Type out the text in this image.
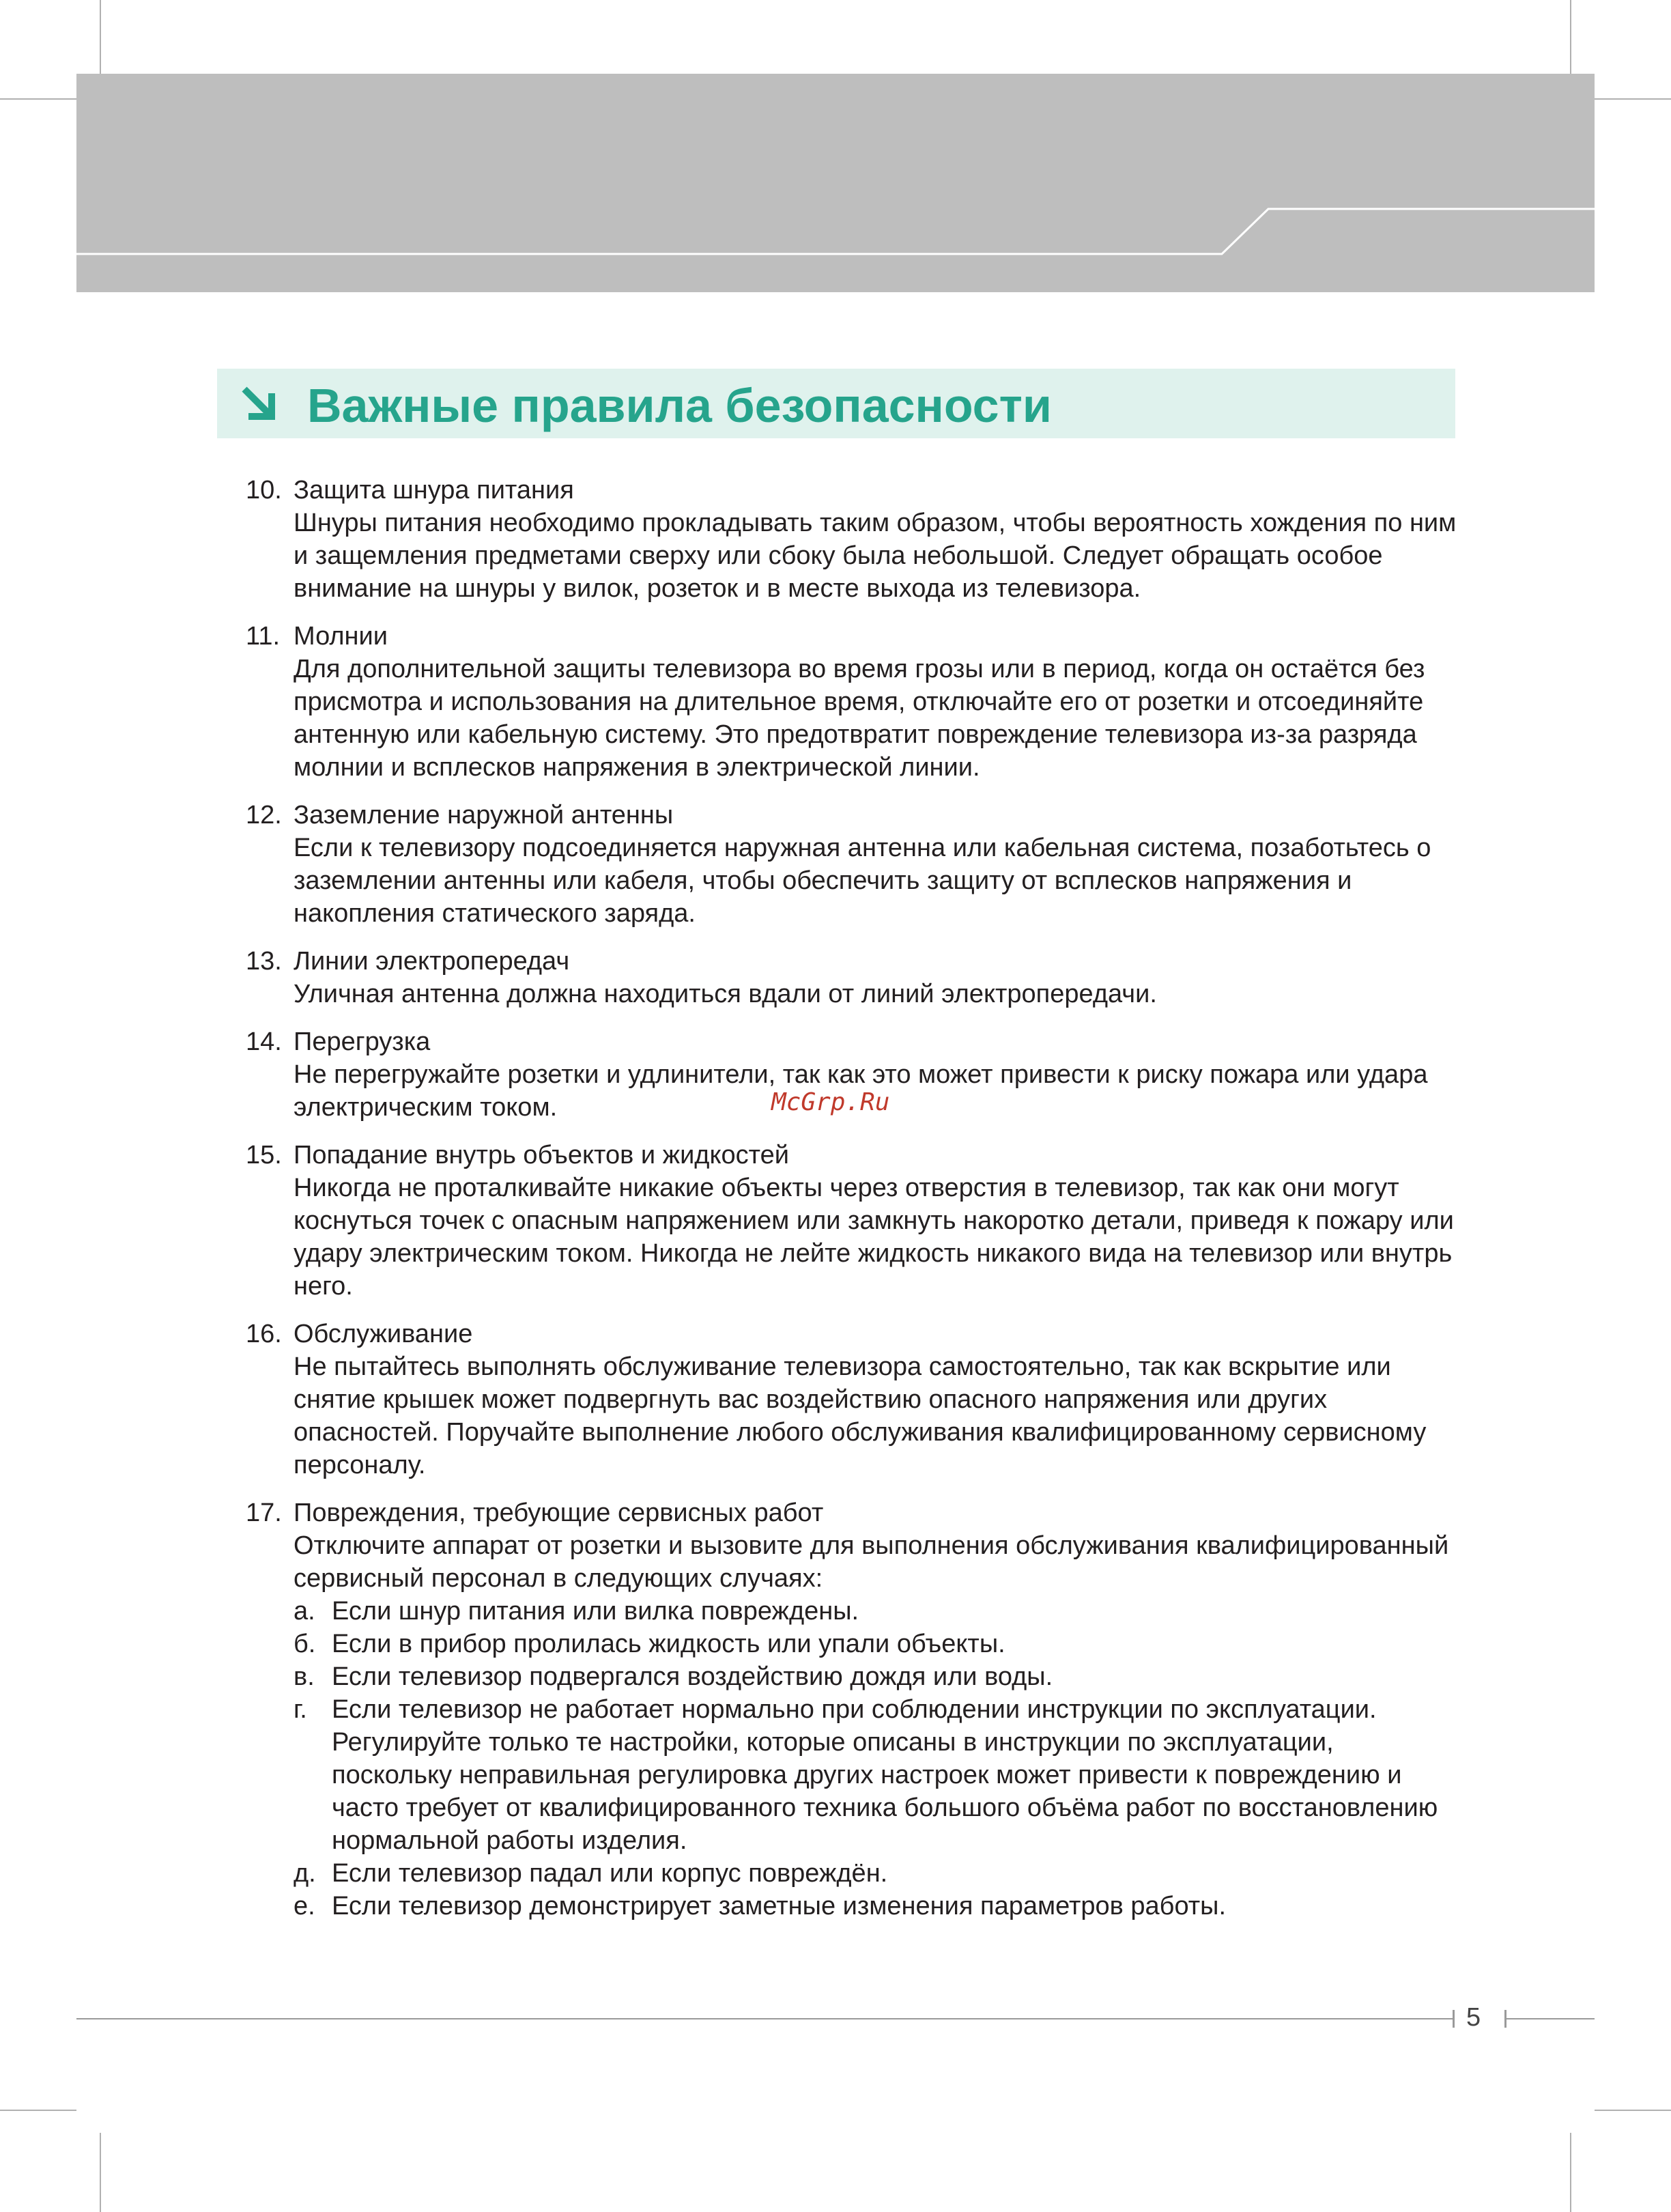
Важные правила безопасности
10. Защита шнура питания
Шнуры питания необходимо прокладывать таким образом, чтобы вероятность хождения по ним и защемления предметами сверху или сбоку была небольшой. Следует обращать особое внимание на шнуры у вилок, розеток и в месте выхода из телевизора.
11. Молнии
Для дополнительной защиты телевизора во время грозы или в период, когда он остаётся без присмотра и использования на длительное время, отключайте его от розетки и отсоединяйте антенную или кабельную систему. Это предотвратит повреждение телевизора из-за разряда молнии и всплесков напряжения в электрической линии.
12. Заземление наружной антенны
Если к телевизору подсоединяется наружная антенна или кабельная система, позаботьтесь о заземлении антенны или кабеля, чтобы обеспечить защиту от всплесков напряжения и накопления статического заряда.
13. Линии электропередач
Уличная антенна должна находиться вдали от линий электропередачи.
14. Перегрузка
Не перегружайте розетки и удлинители, так как это может привести к риску пожара или удара электрическим током.
15. Попадание внутрь объектов и жидкостей
Никогда не проталкивайте никакие объекты через отверстия в телевизор, так как они могут коснуться точек с опасным напряжением или замкнуть накоротко детали, приведя к пожару или удару электрическим током. Никогда не лейте жидкость никакого вида на телевизор или внутрь него.
16. Обслуживание
Не пытайтесь выполнять обслуживание телевизора самостоятельно, так как вскрытие или снятие крышек может подвергнуть вас воздействию опасного напряжения или других опасностей. Поручайте выполнение любого обслуживания квалифицированному сервисному персоналу.
17. Повреждения, требующие сервисных работ
Отключите аппарат от розетки и вызовите для выполнения обслуживания квалифицированный сервисный персонал в следующих случаях:
а. Если шнур питания или вилка повреждены.
б. Если в прибор пролилась жидкость или упали объекты.
в. Если телевизор подвергался воздействию дождя или воды.
г. Если телевизор не работает нормально при соблюдении инструкции по эксплуатации. Регулируйте только те настройки, которые описаны в инструкции по эксплуатации, поскольку неправильная регулировка других настроек может привести к повреждению и часто требует от квалифицированного техника большого объёма работ по восстановлению нормальной работы изделия.
д. Если телевизор падал или корпус повреждён.
е. Если телевизор демонстрирует заметные изменения параметров работы.
McGrp.Ru
5
